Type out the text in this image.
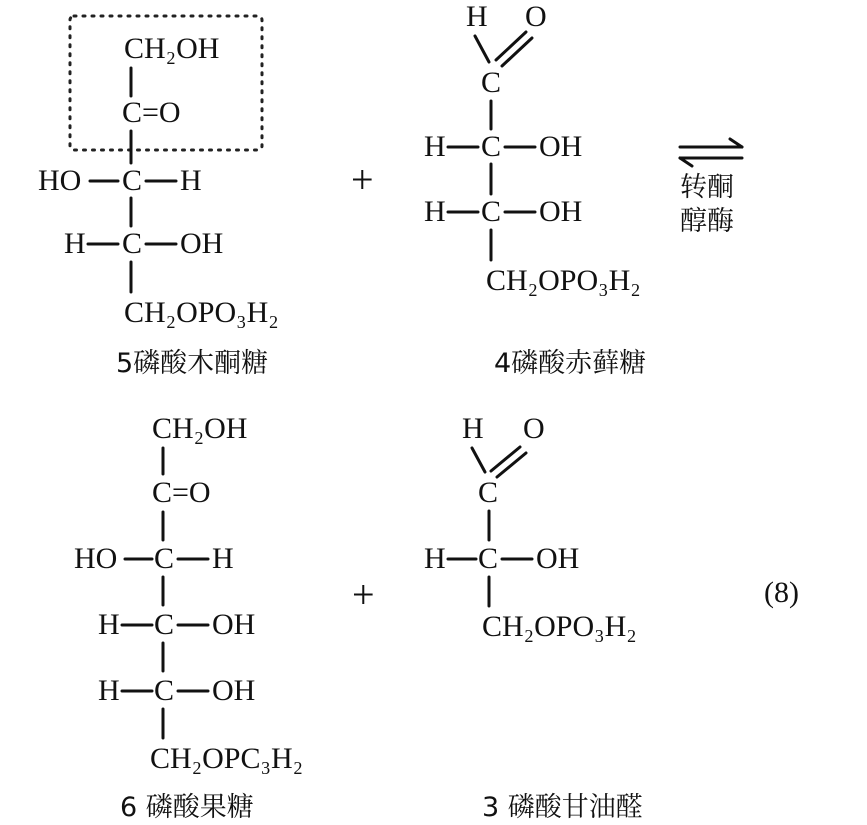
CH₂OH
C=O
HO C H
H C OH
CH₂OPO₃H₂
5磷酸木酮糖
+
H O
C
H C OH
H C OH
CH₂OPO₃H₂
4磷酸赤藓糖
转酮
醇酶
CH₂OH
C=O
HO C H
H C OH
H C OH
CH₂OPC₃H₂
6 磷酸果糖
+
H O
C
H C OH
CH₂OPO₃H₂
3 磷酸甘油醛
(8)
